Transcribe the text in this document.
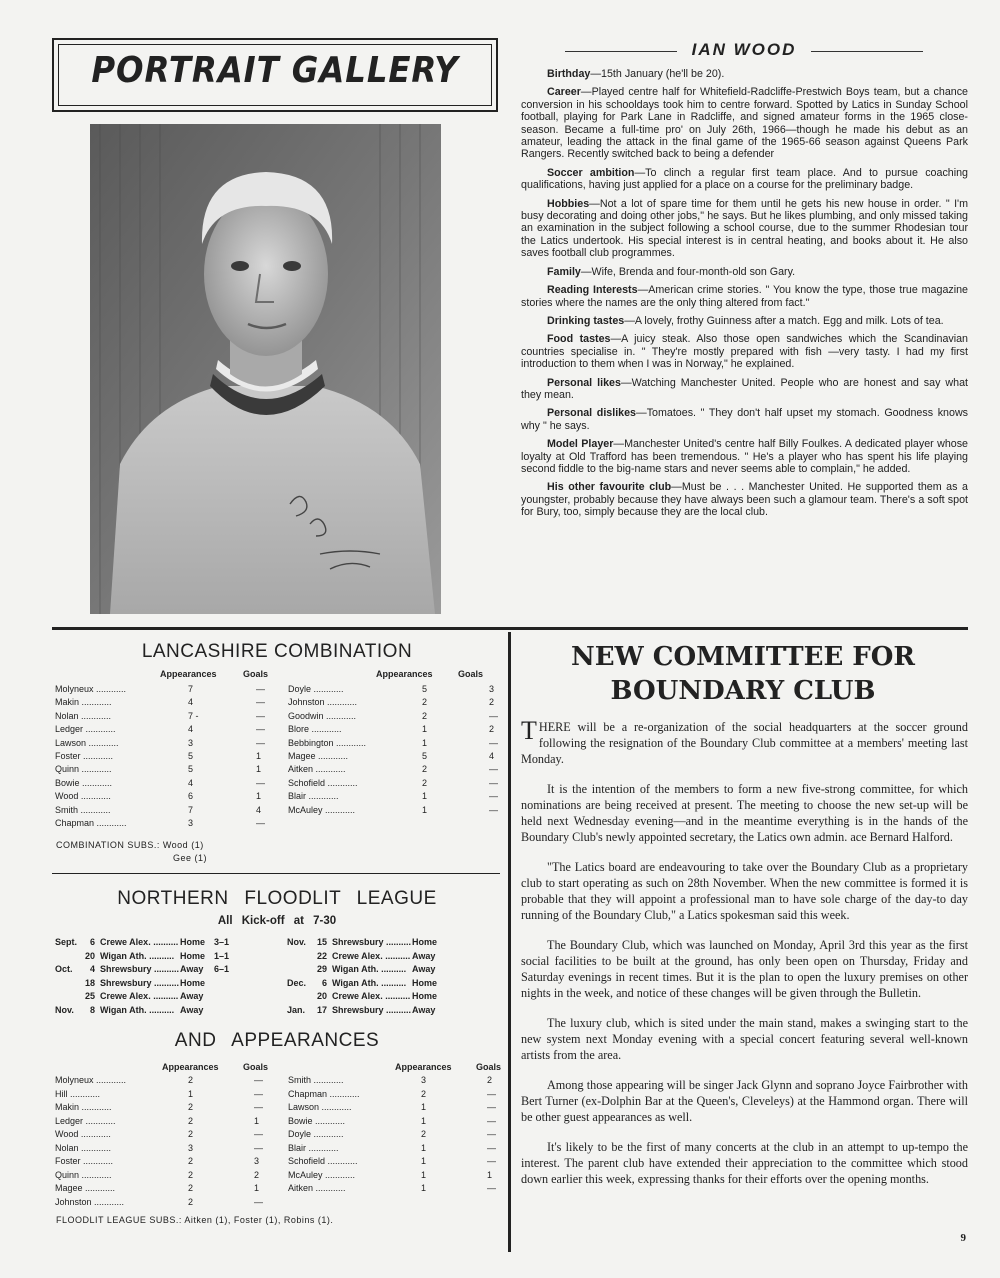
PORTRAIT GALLERY
IAN WOOD

Birthday—15th January (he'll be 20).

Career—Played centre half for Whitefield-Radcliffe-Prestwich Boys team, but a chance conversion in his schooldays took him to centre forward. Spotted by Latics in Sunday School football, playing for Park Lane in Radcliffe, and signed amateur forms in the 1965 close-season. Became a full-time pro' on July 26th, 1966—though he made his debut as an amateur, leading the attack in the final game of the 1965-66 season against Queens Park Rangers. Recently switched back to being a defender

Soccer ambition—To clinch a regular first team place. And to pursue coaching qualifications, having just applied for a place on a course for the preliminary badge.

Hobbies—Not a lot of spare time for them until he gets his new house in order. " I'm busy decorating and doing other jobs," he says. But he likes plumbing, and only missed taking an examination in the subject following a school course, due to the summer Rhodesian tour the Latics undertook. His special interest is in central heating, and books about it. He also saves football club programmes.

Family—Wife, Brenda and four-month-old son Gary.

Reading Interests—American crime stories. " You know the type, those true magazine stories where the names are the only thing altered from fact."

Drinking tastes—A lovely, frothy Guinness after a match. Egg and milk. Lots of tea.

Food tastes—A juicy steak. Also those open sandwiches which the Scandinavian countries specialise in. " They're mostly prepared with fish —very tasty. I had my first introduction to them when I was in Norway," he explained.

Personal likes—Watching Manchester United. People who are honest and say what they mean.

Personal dislikes—Tomatoes. " They don't half upset my stomach. Goodness knows why " he says.

Model Player—Manchester United's centre half Billy Foulkes. A dedicated player whose loyalty at Old Trafford has been tremendous. " He's a player who has spent his life playing second fiddle to the big-name stars and never seems able to complain," he added.

His other favourite club—Must be . . . Manchester United. He supported them as a youngster, probably because they have always been such a glamour team. There's a soft spot for Bury, too, simply because they are the local club.

LANCASHIRE COMBINATION
Appearances	Goals	Appearances	Goals
Molyneux ............	7	—
Makin ............	4	—
Nolan ............	7 -	—
Ledger ............	4	—
Lawson ............	3	—
Foster ............	5	1
Quinn ............	5	1
Bowie ............	4	—
Wood ............	6	1
Smith ............	7	4
Chapman ............	3	—
Doyle ............	5	3
Johnston ............	2	2
Goodwin ............	2	—
Blore ............	1	2
Bebbington ............	1	—
Magee ............	5	4
Aitken ............	2	—
Schofield ............	2	—
Blair ............	1	—
McAuley ............	1	—
COMBINATION SUBS.: Wood (1)
Gee (1)
NORTHERN FLOODLIT LEAGUE
All Kick-off at 7-30
Sept.	6 Crewe Alex. .......... Home 3–1
20 Wigan Ath. .......... Home 1–1
Oct.	4 Shrewsbury .......... Away 6–1
18 Shrewsbury .......... Home
25 Crewe Alex. .......... Away
Nov.	8 Wigan Ath. .......... Away
Nov. 15 Shrewsbury .......... Home
22 Crewe Alex. .......... Away
29 Wigan Ath. .......... Away
Dec.	6 Wigan Ath. .......... Home
20 Crewe Alex. .......... Home
Jan. 17 Shrewsbury .......... Away
AND APPEARANCES
Appearances	Goals	Appearances	Goals
Molyneux ............	2	—
Hill ............	1	—
Makin ............	2	—
Ledger ............	2	1
Wood ............	2	—
Nolan ............	3	—
Foster ............	2	3
Quinn ............	2	2
Magee ............	2	1
Johnston ............	2	—
Smith ............	3	2
Chapman ............	2	—
Lawson ............	1	—
Bowie ............	1	—
Doyle ............	2	—
Blair ............	1	—
Schofield ............	1	—
McAuley ............	1	1
Aitken ............	1	—
FLOODLIT LEAGUE SUBS.: Aitken (1), Foster (1), Robins (1).
NEW COMMITTEE FOR
BOUNDARY CLUB

THERE will be a re-organization of the social headquarters at the soccer ground following the resignation of the Boundary Club committee at a members' meeting last Monday.

It is the intention of the members to form a new five-strong committee, for which nominations are being received at present. The meeting to choose the new set-up will be held next Wednesday evening—and in the meantime everything is in the hands of the Boundary Club's newly appointed secretary, the Latics own admin. ace Bernard Halford.

"The Latics board are endeavouring to take over the Boundary Club as a proprietary club to start operating as such on 28th November. When the new committee is formed it is probable that they will appoint a professional man to have sole charge of the day-to day running of the Boundary Club," a Latics spokesman said this week.

The Boundary Club, which was launched on Monday, April 3rd this year as the first social facilities to be built at the ground, has only been open on Thursday, Friday and Saturday evenings in recent times. But it is the plan to open the luxury premises on other nights in the week, and notice of these changes will be given through the Bulletin.

The luxury club, which is sited under the main stand, makes a swinging start to the new system next Monday evening with a special concert featuring several well-known artists from the area.

Among those appearing will be singer Jack Glynn and soprano Joyce Fairbrother with Bert Turner (ex-Dolphin Bar at the Queen's, Cleveleys) at the Hammond organ. There will be other guest appearances as well.

It's likely to be the first of many concerts at the club in an attempt to up-tempo the interest. The parent club have extended their appreciation to the committee which stood down earlier this week, expressing thanks for their efforts over the opening months.

9
